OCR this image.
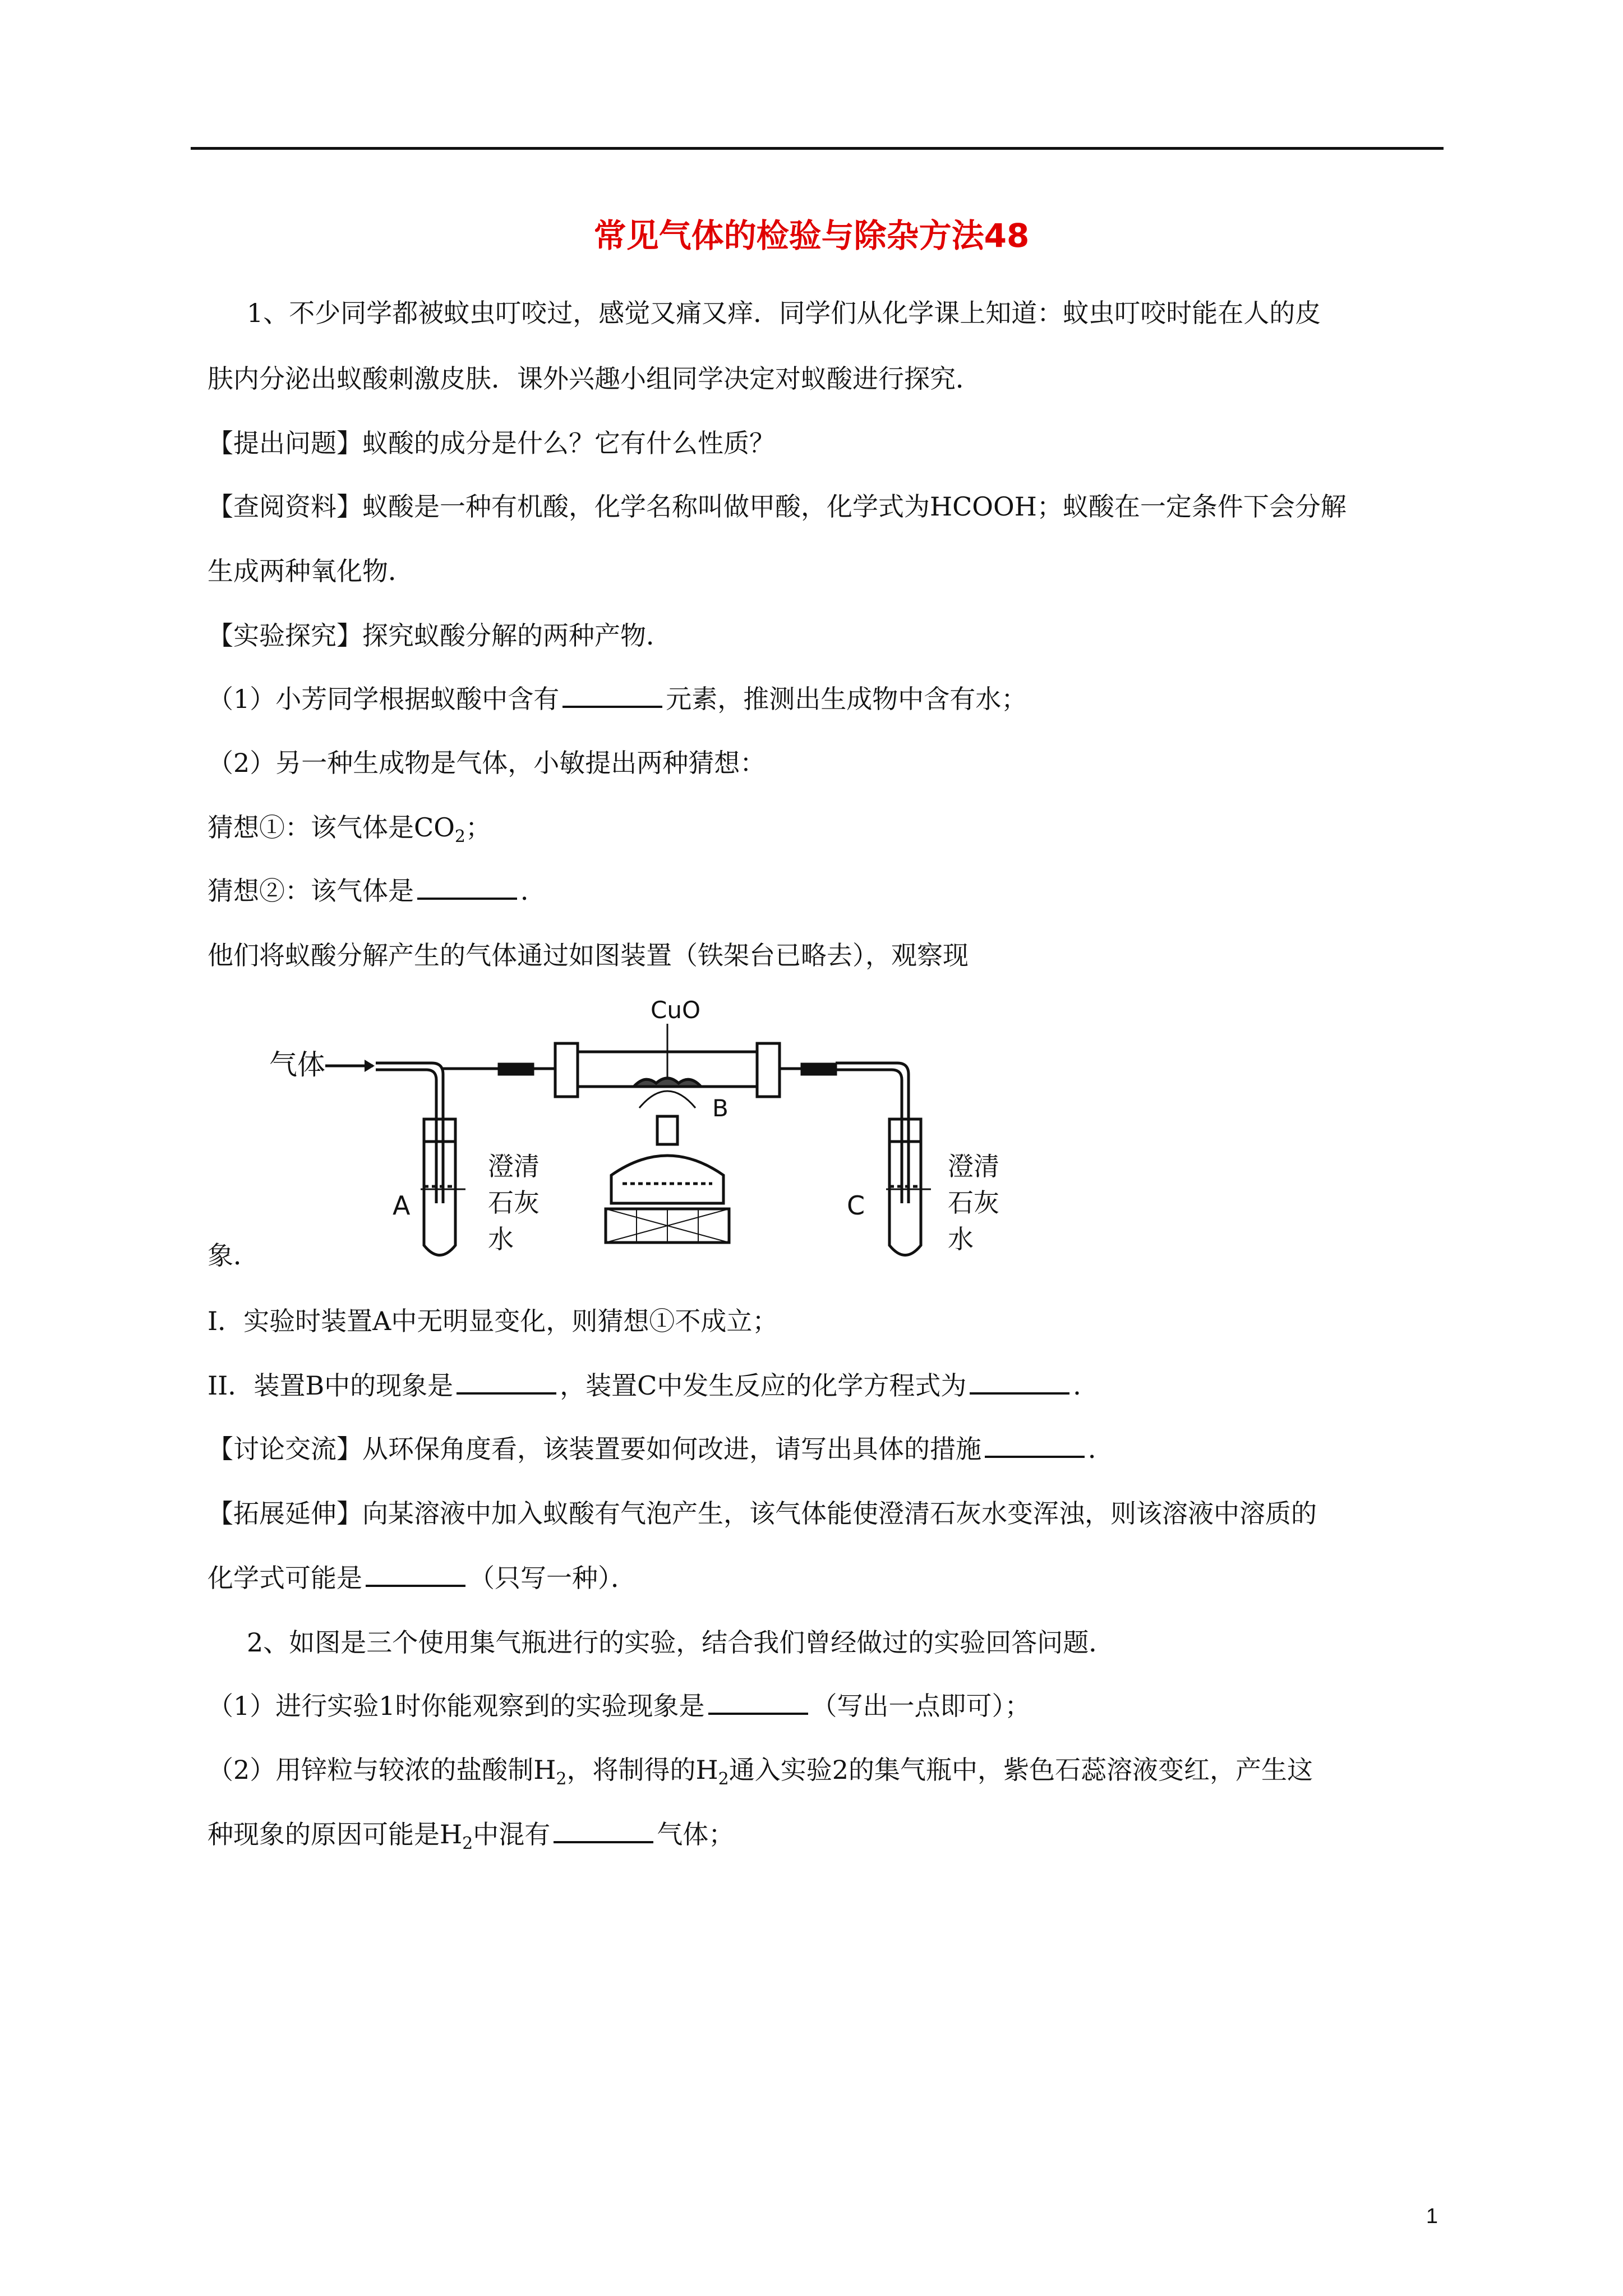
常见气体的检验与除杂方法48
1、不少同学都被蚊虫叮咬过，感觉又痛又痒．同学们从化学课上知道：蚊虫叮咬时能在人的皮
肤内分泌出蚁酸刺激皮肤．课外兴趣小组同学决定对蚁酸进行探究．
【提出问题】蚁酸的成分是什么？它有什么性质？
【查阅资料】蚁酸是一种有机酸，化学名称叫做甲酸，化学式为HCOOH；蚁酸在一定条件下会分解
生成两种氧化物．
【实验探究】探究蚁酸分解的两种产物．
（1）小芳同学根据蚁酸中含有	元素，推测出生成物中含有水；
（2）另一种生成物是气体，小敏提出两种猜想：
猜想①：该气体是$CO_2$；
猜想②：该气体是	．
他们将蚁酸分解产生的气体通过如图装置（铁架台已略去），观察现
气体
A
澄清
石灰
水
CuO
B
C
澄清
石灰
水
象．
I．实验时装置A中无明显变化，则猜想①不成立；
II．装置B中的现象是	，装置C中发生反应的化学方程式为	．
【讨论交流】从环保角度看，该装置要如何改进，请写出具体的措施	．
【拓展延伸】向某溶液中加入蚁酸有气泡产生，该气体能使澄清石灰水变浑浊，则该溶液中溶质的
化学式可能是	（只写一种）．
2、如图是三个使用集气瓶进行的实验，结合我们曾经做过的实验回答问题．
（1）进行实验1时你能观察到的实验现象是	（写出一点即可）；
（2）用锌粒与较浓的盐酸制$H_2$，将制得的$H_2$通入实验2的集气瓶中，紫色石蕊溶液变红，产生这
种现象的原因可能是$H_2$中混有	气体；
1
